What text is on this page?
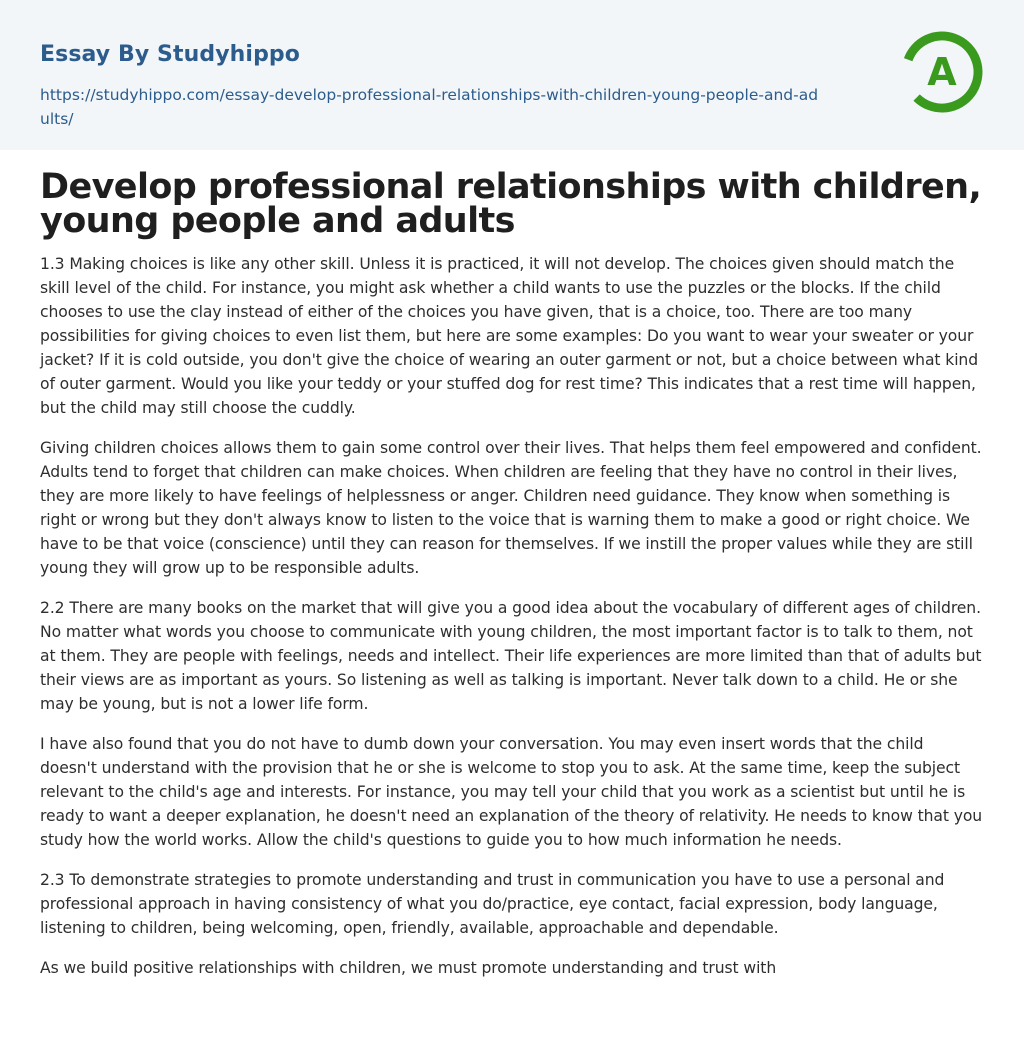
Essay By Studyhippo
https://studyhippo.com/essay-develop-professional-relationships-with-children-young-people-and-adults/
A
Develop professional relationships with children, young people and adults

1.3 Making choices is like any other skill. Unless it is practiced, it will not develop. The choices given should match the skill level of the child. For instance, you might ask whether a child wants to use the puzzles or the blocks. If the child chooses to use the clay instead of either of the choices you have given, that is a choice, too. There are too many possibilities for giving choices to even list them, but here are some examples: Do you want to wear your sweater or your jacket? If it is cold outside, you don't give the choice of wearing an outer garment or not, but a choice between what kind of outer garment. Would you like your teddy or your stuffed dog for rest time? This indicates that a rest time will happen, but the child may still choose the cuddly.

Giving children choices allows them to gain some control over their lives. That helps them feel empowered and confident. Adults tend to forget that children can make choices. When children are feeling that they have no control in their lives, they are more likely to have feelings of helplessness or anger. Children need guidance. They know when something is right or wrong but they don't always know to listen to the voice that is warning them to make a good or right choice. We have to be that voice (conscience) until they can reason for themselves. If we instill the proper values while they are still young they will grow up to be responsible adults.

2.2 There are many books on the market that will give you a good idea about the vocabulary of different ages of children. No matter what words you choose to communicate with young children, the most important factor is to talk to them, not at them. They are people with feelings, needs and intellect. Their life experiences are more limited than that of adults but their views are as important as yours. So listening as well as talking is important. Never talk down to a child. He or she may be young, but is not a lower life form.

I have also found that you do not have to dumb down your conversation. You may even insert words that the child doesn't understand with the provision that he or she is welcome to stop you to ask. At the same time, keep the subject relevant to the child's age and interests. For instance, you may tell your child that you work as a scientist but until he is ready to want a deeper explanation, he doesn't need an explanation of the theory of relativity. He needs to know that you study how the world works. Allow the child's questions to guide you to how much information he needs.

2.3 To demonstrate strategies to promote understanding and trust in communication you have to use a personal and professional approach in having consistency of what you do/practice, eye contact, facial expression, body language, listening to children, being welcoming, open, friendly, available, approachable and dependable.

As we build positive relationships with children, we must promote understanding and trust with
